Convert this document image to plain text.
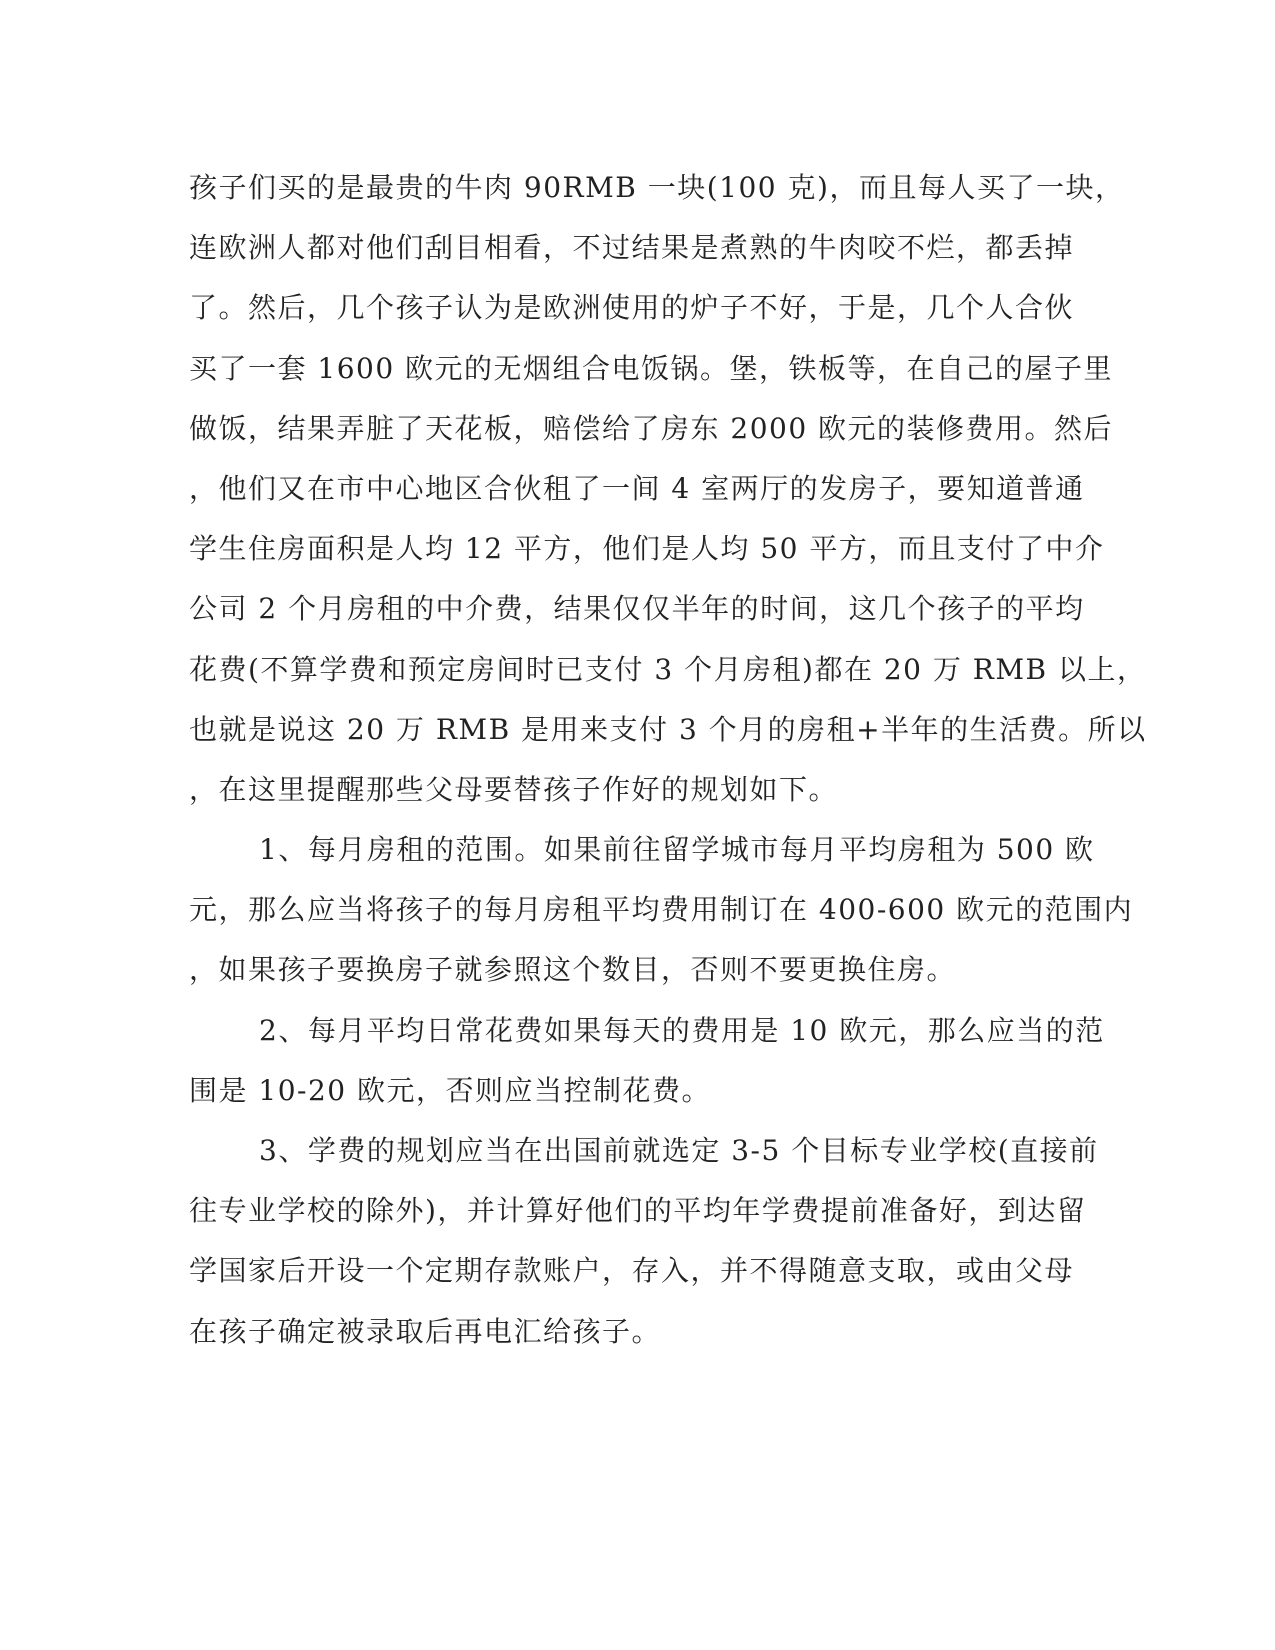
孩子们买的是最贵的牛肉 90RMB 一块(100 克)，而且每人买了一块，
连欧洲人都对他们刮目相看，不过结果是煮熟的牛肉咬不烂，都丢掉
了。然后，几个孩子认为是欧洲使用的炉子不好，于是，几个人合伙
买了一套 1600 欧元的无烟组合电饭锅。堡，铁板等，在自己的屋子里
做饭，结果弄脏了天花板，赔偿给了房东 2000 欧元的装修费用。然后
，他们又在市中心地区合伙租了一间 4 室两厅的发房子，要知道普通
学生住房面积是人均 12 平方，他们是人均 50 平方，而且支付了中介
公司 2 个月房租的中介费，结果仅仅半年的时间，这几个孩子的平均
花费(不算学费和预定房间时已支付 3 个月房租)都在 20 万 RMB 以上，
也就是说这 20 万 RMB 是用来支付 3 个月的房租+半年的生活费。所以
，在这里提醒那些父母要替孩子作好的规划如下。
1、每月房租的范围。如果前往留学城市每月平均房租为 500 欧
元，那么应当将孩子的每月房租平均费用制订在 400-600 欧元的范围内
，如果孩子要换房子就参照这个数目，否则不要更换住房。
2、每月平均日常花费如果每天的费用是 10 欧元，那么应当的范
围是 10-20 欧元，否则应当控制花费。
3、学费的规划应当在出国前就选定 3-5 个目标专业学校(直接前
往专业学校的除外)，并计算好他们的平均年学费提前准备好，到达留
学国家后开设一个定期存款账户，存入，并不得随意支取，或由父母
在孩子确定被录取后再电汇给孩子。
